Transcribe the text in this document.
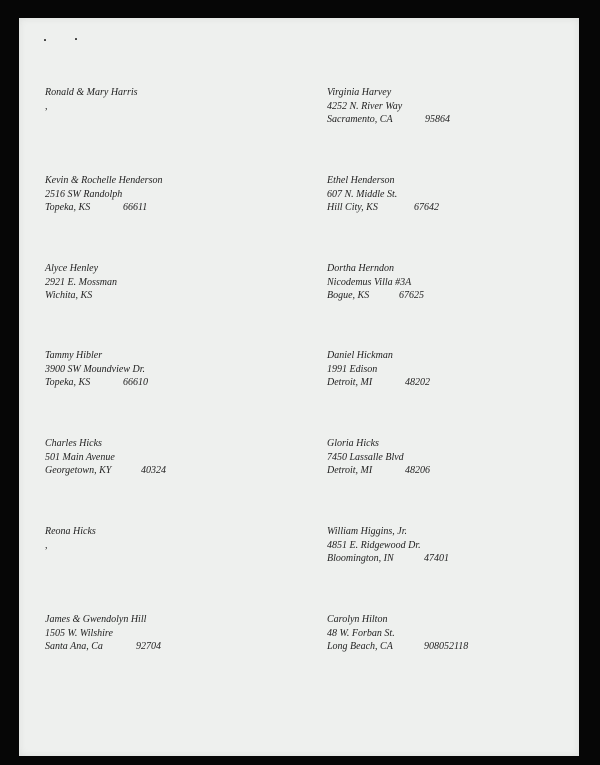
Ronald & Mary Harris
,
Virginia Harvey
4252 N. River Way
Sacramento, CA	95864
Kevin & Rochelle Henderson
2516 SW Randolph
Topeka, KS	66611
Ethel Henderson
607 N. Middle St.
Hill City, KS	67642
Alyce Henley
2921 E. Mossman
Wichita, KS
Dortha Herndon
Nicodemus Villa #3A
Bogue, KS	67625
Tammy Hibler
3900 SW Moundview Dr.
Topeka, KS	66610
Daniel Hickman
1991 Edison
Detroit, MI	48202
Charles Hicks
501 Main Avenue
Georgetown, KY	40324
Gloria Hicks
7450 Lassalle Blvd
Detroit, MI	48206
Reona Hicks
,
William Higgins, Jr.
4851 E. Ridgewood Dr.
Bloomington, IN	47401
James & Gwendolyn Hill
1505 W. Wilshire
Santa Ana, Ca	92704
Carolyn Hilton
48 W. Forban St.
Long Beach, CA	908052118
